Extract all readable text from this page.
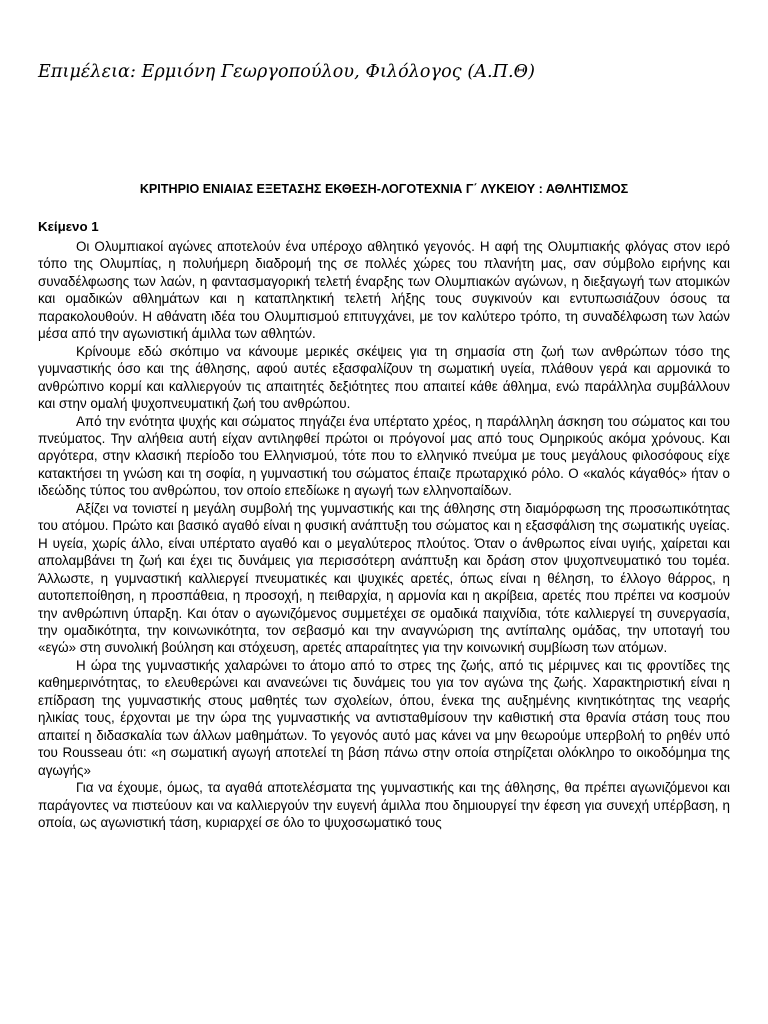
Επιμέλεια: Ερμιόνη Γεωργοπούλου, Φιλόλογος (Α.Π.Θ)
ΚΡΙΤΗΡΙΟ ΕΝΙΑΙΑΣ ΕΞΕΤΑΣΗΣ ΕΚΘΕΣΗ-ΛΟΓΟΤΕΧΝΙΑ Γ΄ ΛΥΚΕΙΟΥ : ΑΘΛΗΤΙΣΜΟΣ
Κείμενο 1

Οι Ολυμπιακοί αγώνες αποτελούν ένα υπέροχο αθλητικό γεγονός. Η αφή της Ολυμπιακής φλόγας στον ιερό τόπο της Ολυμπίας, η πολυήμερη διαδρομή της σε πολλές χώρες του πλανήτη μας, σαν σύμβολο ειρήνης και συναδέλφωσης των λαών, η φαντασμαγορική τελετή έναρξης των Ολυμπιακών αγώνων, η διεξαγωγή των ατομικών και ομαδικών αθλημάτων και η καταπληκτική τελετή λήξης τους συγκινούν και εντυπωσιάζουν όσους τα παρακολουθούν. Η αθάνατη ιδέα του Ολυμπισμού επιτυγχάνει, με τον καλύτερο τρόπο, τη συναδέλφωση των λαών μέσα από την αγωνιστική άμιλλα των αθλητών.

Κρίνουμε εδώ σκόπιμο να κάνουμε μερικές σκέψεις για τη σημασία στη ζωή των ανθρώπων τόσο της γυμναστικής όσο και της άθλησης, αφού αυτές εξασφαλίζουν τη σωματική υγεία, πλάθουν γερά και αρμονικά το ανθρώπινο κορμί και καλλιεργούν τις απαιτητές δεξιότητες που απαιτεί κάθε άθλημα, ενώ παράλληλα συμβάλλουν και στην ομαλή ψυχοπνευματική ζωή του ανθρώπου.

Από την ενότητα ψυχής και σώματος πηγάζει ένα υπέρτατο χρέος, η παράλληλη άσκηση του σώματος και του πνεύματος. Την αλήθεια αυτή είχαν αντιληφθεί πρώτοι οι πρόγονοί μας από τους Ομηρικούς ακόμα χρόνους. Και αργότερα, στην κλασική περίοδο του Ελληνισμού, τότε που το ελληνικό πνεύμα με τους μεγάλους φιλοσόφους είχε κατακτήσει τη γνώση και τη σοφία, η γυμναστική του σώματος έπαιζε πρωταρχικό ρόλο. Ο «καλός κάγαθός» ήταν ο ιδεώδης τύπος του ανθρώπου, τον οποίο επεδίωκε η αγωγή των ελληνοπαίδων.

Αξίζει να τονιστεί η μεγάλη συμβολή της γυμναστικής και της άθλησης στη διαμόρφωση της προσωπικότητας του ατόμου. Πρώτο και βασικό αγαθό είναι η φυσική ανάπτυξη του σώματος και η εξασφάλιση της σωματικής υγείας. Η υγεία, χωρίς άλλο, είναι υπέρτατο αγαθό και ο μεγαλύτερος πλούτος. Όταν ο άνθρωπος είναι υγιής, χαίρεται και απολαμβάνει τη ζωή και έχει τις δυνάμεις για περισσότερη ανάπτυξη και δράση στον ψυχοπνευματικό του τομέα. Άλλωστε, η γυμναστική καλλιεργεί πνευματικές και ψυχικές αρετές, όπως είναι η θέληση, το έλλογο θάρρος, η αυτοπεποίθηση, η προσπάθεια, η προσοχή, η πειθαρχία, η αρμονία και η ακρίβεια, αρετές που πρέπει να κοσμούν την ανθρώπινη ύπαρξη. Και όταν ο αγωνιζόμενος συμμετέχει σε ομαδικά παιχνίδια, τότε καλλιεργεί τη συνεργασία, την ομαδικότητα, την κοινωνικότητα, τον σεβασμό και την αναγνώριση της αντίπαλης ομάδας, την υποταγή του «εγώ» στη συνολική βούληση και στόχευση, αρετές απαραίτητες για την κοινωνική συμβίωση των ατόμων.

Η ώρα της γυμναστικής χαλαρώνει το άτομο από το στρες της ζωής, από τις μέριμνες και τις φροντίδες της καθημερινότητας, το ελευθερώνει και ανανεώνει τις δυνάμεις του για τον αγώνα της ζωής. Χαρακτηριστική είναι η επίδραση της γυμναστικής στους μαθητές των σχολείων, όπου, ένεκα της αυξημένης κινητικότητας της νεαρής ηλικίας τους, έρχονται με την ώρα της γυμναστικής να αντισταθμίσουν την καθιστική στα θρανία στάση τους που απαιτεί η διδασκαλία των άλλων μαθημάτων. Το γεγονός αυτό μας κάνει να μην θεωρούμε υπερβολή το ρηθέν υπό του Rousseau ότι: «η σωματική αγωγή αποτελεί τη βάση πάνω στην οποία στηρίζεται ολόκληρο το οικοδόμημα της αγωγής»

Για να έχουμε, όμως, τα αγαθά αποτελέσματα της γυμναστικής και της άθλησης, θα πρέπει αγωνιζόμενοι και παράγοντες να πιστεύουν και να καλλιεργούν την ευγενή άμιλλα που δημιουργεί την έφεση για συνεχή υπέρβαση, η οποία, ως αγωνιστική τάση, κυριαρχεί σε όλο το ψυχοσωματικό τους
